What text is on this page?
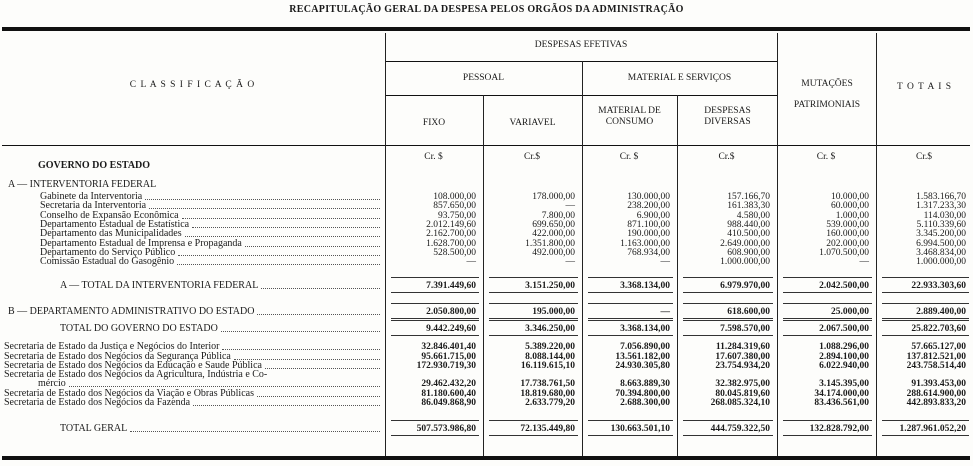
RECAPITULAÇÃO GERAL DA DESPESA PELOS ORGÃOS DA ADMINISTRAÇÃO
C L A S S I F I C A Ç Ã O
DESPESAS EFETIVAS
PESSOAL	MATERIAL E SERVIÇOS
FIXO	VARIAVEL
MATERIAL DE CONSUMO
DESPESAS DIVERSAS
MUTAÇÕES PATRIMONIAIS
T O T A I S
Cr. $	Cr.$	Cr. $	Cr.$	Cr. $	Cr.$
GOVERNO DO ESTADO
A — INTERVENTORIA FEDERAL
Gabinete da Interventoria	108.000,00	178.000,00	130.000,00	157.166,70	10.000,00	1.583.166,70
Secretaria da Interventoria	857.650,00	—	238.200,00	161.383,30	60.000,00	1.317.233,30
Conselho de Expansão Econômica	93.750,00	7.800,00	6.900,00	4.580,00	1.000,00	114.030,00
Departamento Estadual de Estatística	2.012.149,60	699.650,00	871.100,00	988.440,00	539.000,00	5.110.339,60
Departamento das Municipalidades	2.162.700,00	422.000,00	190.000,00	410.500,00	160.000,00	3.345.200,00
Departamento Estadual de Imprensa e Propaganda	1.628.700,00	1.351.800,00	1.163.000,00	2.649.000,00	202.000,00	6.994.500,00
Departamento do Serviço Público	528.500,00	492.000,00	768.934,00	608.900,00	1.070.500,00	3.468.834,00
Comissão Estadual do Gasogênio	—	—	—	1.000.000,00	—	1.000.000,00
A — TOTAL DA INTERVENTORIA FEDERAL	7.391.449,60	3.151.250,00	3.368.134,00	6.979.970,00	2.042.500,00	22.933.303,60
B — DEPARTAMENTO ADMINISTRATIVO DO ESTADO	2.050.800,00	195.000,00	—	618.600,00	25.000,00	2.889.400,00
TOTAL DO GOVERNO DO ESTADO	9.442.249,60	3.346.250,00	3.368.134,00	7.598.570,00	2.067.500,00	25.822.703,60
Secretaria de Estado da Justiça e Negócios do Interior	32.846.401,40	5.389.220,00	7.056.890,00	11.284.319,60	1.088.296,00	57.665.127,00
Secretaria de Estado dos Negócios da Segurança Pública	95.661.715,00	8.088.144,00	13.561.182,00	17.607.380,00	2.894.100,00	137.812.521,00
Secretaria de Estado dos Negócios da Educação e Saude Pública	172.930.719,30	16.119.615,10	24.930.305,80	23.754.934,20	6.022.940,00	243.758.514,40
Secretaria de Estado dos Negócios da Agricultura, Indústria e Co-
mércio	29.462.432,20	17.738.761,50	8.663.889,30	32.382.975,00	3.145.395,00	91.393.453,00
Secretaria de Estado dos Negócios da Viação e Obras Públicas	81.180.600,40	18.819.680,00	70.394.800,00	80.045.819,60	34.174.000,00	288.614.900,00
Secretaria de Estado dos Negócios da Fazenda	86.049.868,90	2.633.779,20	2.688.300,00	268.085.324,10	83.436.561,00	442.893.833,20
TOTAL GERAL	507.573.986,80	72.135.449,80	130.663.501,10	444.759.322,50	132.828.792,00	1.287.961.052,20
